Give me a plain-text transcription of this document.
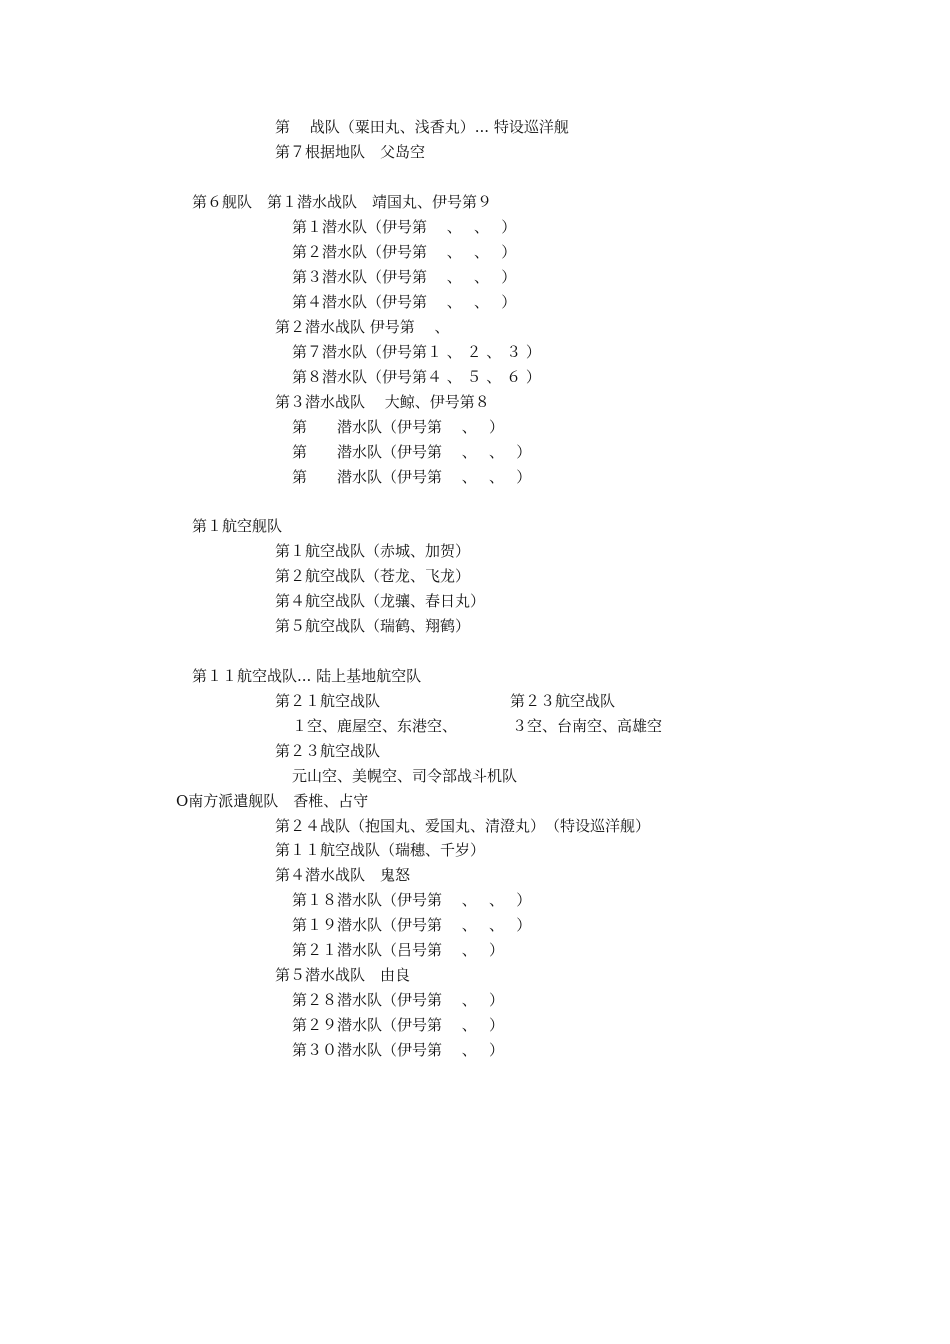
第　 战队（粟田丸、浅香丸）... 特设巡洋舰
第７根据地队　父岛空
第６舰队　第１潜水战队　靖国丸、伊号第９
第１潜水队（伊号第　 、　 、　 ）
第２潜水队（伊号第　 、　 、　 ）
第３潜水队（伊号第　 、　 、　 ）
第４潜水队（伊号第　 、　 、　 ）
第２潜水战队 伊号第　 、
第７潜水队（伊号第１ 、 ２ 、 ３ ）
第８潜水队（伊号第４ 、 ５ 、 ６ ）
第３潜水战队　 大鲸、伊号第８
第　　潜水队（伊号第　 、　 ）
第　　潜水队（伊号第　 、　 、　 ）
第　　潜水队（伊号第　 、　 、　 ）
第１航空舰队
第１航空战队（赤城、加贺）
第２航空战队（苍龙、飞龙）
第４航空战队（龙骧、春日丸）
第５航空战队（瑞鹤、翔鹤）
第１１航空战队... 陆上基地航空队
第２１航空战队	第２３航空战队
１空、鹿屋空、东港空、	３空、台南空、高雄空
第２３航空战队
元山空、美幌空、司令部战斗机队
O南方派遣舰队　香椎、占守
第２４战队（抱国丸、爱国丸、清澄丸）　（特设巡洋舰）
第１１航空战队（瑞穗、千岁）
第４潜水战队　鬼怒
第１８潜水队（伊号第　 、　 、　 ）
第１９潜水队（伊号第　 、　 、　 ）
第２１潜水队（吕号第　 、　 ）
第５潜水战队　由良
第２８潜水队（伊号第　 、　 ）
第２９潜水队（伊号第　 、　 ）
第３０潜水队（伊号第　 、　 ）
